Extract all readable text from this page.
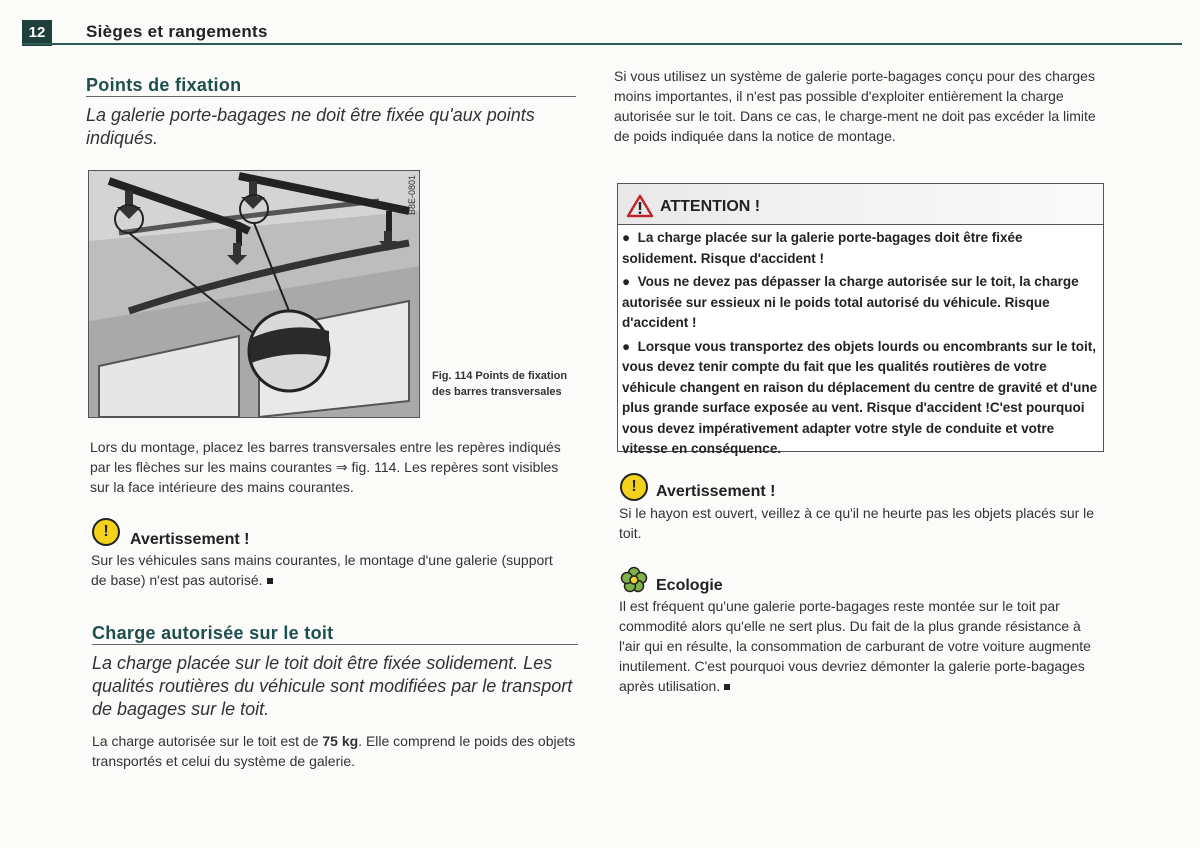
12	Sièges et rangements
Points de fixation
La galerie porte-bagages ne doit être fixée qu'aux points indiqués.
B8E-0801
Fig. 114 Points de fixation des barres transversales
Lors du montage, placez les barres transversales entre les repères indiqués par les flèches sur les mains courantes ⇒ fig. 114. Les repères sont visibles sur la face intérieure des mains courantes.
!	Avertissement !
Sur les véhicules sans mains courantes, le montage d'une galerie (support de base) n'est pas autorisé.
Charge autorisée sur le toit
La charge placée sur le toit doit être fixée solidement. Les qualités routières du véhicule sont modifiées par le transport de bagages sur le toit.
La charge autorisée sur le toit est de 75 kg. Elle comprend le poids des objets transportés et celui du système de galerie.
Si vous utilisez un système de galerie porte-bagages conçu pour des charges moins importantes, il n'est pas possible d'exploiter entièrement la charge autorisée sur le toit. Dans ce cas, le charge-ment ne doit pas excéder la limite de poids indiquée dans la notice de montage.
ATTENTION !
●  La charge placée sur la galerie porte-bagages doit être fixée solidement. Risque d'accident !
●  Vous ne devez pas dépasser la charge autorisée sur le toit, la charge autorisée sur essieux ni le poids total autorisé du véhicule. Risque d'accident !
●  Lorsque vous transportez des objets lourds ou encombrants sur le toit, vous devez tenir compte du fait que les qualités routières de votre véhicule changent en raison du déplacement du centre de gravité et d'une plus grande surface exposée au vent. Risque d'accident !C'est pourquoi vous devez impérativement adapter votre style de conduite et votre vitesse en conséquence.
!	Avertissement !
Si le hayon est ouvert, veillez à ce qu'il ne heurte pas les objets placés sur le toit.
Ecologie
Il est fréquent qu'une galerie porte-bagages reste montée sur le toit par commodité alors qu'elle ne sert plus. Du fait de la plus grande résistance à l'air qui en résulte, la consommation de carburant de votre voiture augmente inutilement. C'est pourquoi vous devriez démonter la galerie porte-bagages après utilisation.
